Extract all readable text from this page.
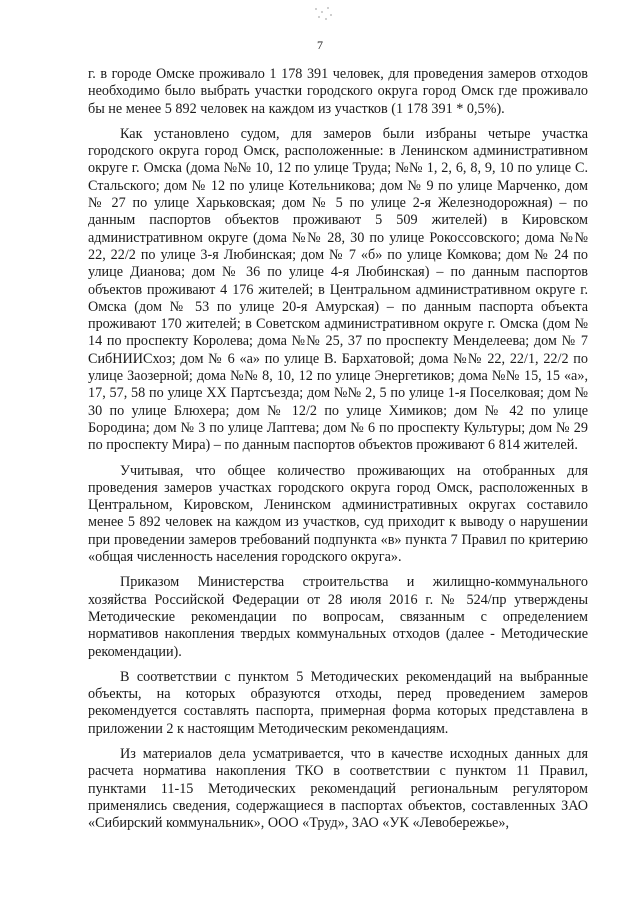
7

г. в городе Омске проживало 1 178 391 человек, для проведения замеров отходов необходимо было выбрать участки городского округа город Омск где проживало бы не менее 5 892 человек на каждом из участков (1 178 391 * 0,5%).

Как установлено судом, для замеров были избраны четыре участка городского округа город Омск, расположенные: в Ленинском административном округе г. Омска (дома №№ 10, 12 по улице Труда; №№ 1, 2, 6, 8, 9, 10 по улице С. Стальского; дом № 12 по улице Котельникова; дом № 9 по улице Марченко, дом № 27 по улице Харьковская; дом № 5 по улице 2-я Железнодорожная) – по данным паспортов объектов проживают 5 509 жителей) в Кировском административном округе (дома №№ 28, 30 по улице Рокоссовского; дома №№ 22, 22/2 по улице 3-я Любинская; дом № 7 «б» по улице Комкова; дом № 24 по улице Дианова; дом № 36 по улице 4-я Любинская) – по данным паспортов объектов проживают 4 176 жителей; в Центральном административном округе г. Омска (дом № 53 по улице 20-я Амурская) – по данным паспорта объекта проживают 170 жителей; в Советском административном округе г. Омска (дом № 14 по проспекту Королева; дома №№ 25, 37 по проспекту Менделеева; дом № 7 СибНИИСхоз; дом № 6 «а» по улице В. Бархатовой; дома №№ 22, 22/1, 22/2 по улице Заозерной; дома №№ 8, 10, 12 по улице Энергетиков; дома №№ 15, 15 «а», 17, 57, 58 по улице XX Партсъезда; дом №№ 2, 5 по улице 1-я Поселковая; дом № 30 по улице Блюхера; дом № 12/2 по улице Химиков; дом № 42 по улице Бородина; дом № 3 по улице Лаптева; дом № 6 по проспекту Культуры; дом № 29 по проспекту Мира) – по данным паспортов объектов проживают 6 814 жителей.

Учитывая, что общее количество проживающих на отобранных для проведения замеров участках городского округа город Омск, расположенных в Центральном, Кировском, Ленинском административных округах составило менее 5 892 человек на каждом из участков, суд приходит к выводу о нарушении при проведении замеров требований подпункта «в» пункта 7 Правил по критерию «общая численность населения городского округа».

Приказом Министерства строительства и жилищно-коммунального хозяйства Российской Федерации от 28 июля 2016 г. № 524/пр утверждены Методические рекомендации по вопросам, связанным с определением нормативов накопления твердых коммунальных отходов (далее - Методические рекомендации).

В соответствии с пунктом 5 Методических рекомендаций на выбранные объекты, на которых образуются отходы, перед проведением замеров рекомендуется составлять паспорта, примерная форма которых представлена в приложении 2 к настоящим Методическим рекомендациям.

Из материалов дела усматривается, что в качестве исходных данных для расчета норматива накопления ТКО в соответствии с пунктом 11 Правил, пунктами 11-15 Методических рекомендаций региональным регулятором применялись сведения, содержащиеся в паспортах объектов, составленных ЗАО «Сибирский коммунальник», ООО «Труд», ЗАО «УК «Левобережье»,
